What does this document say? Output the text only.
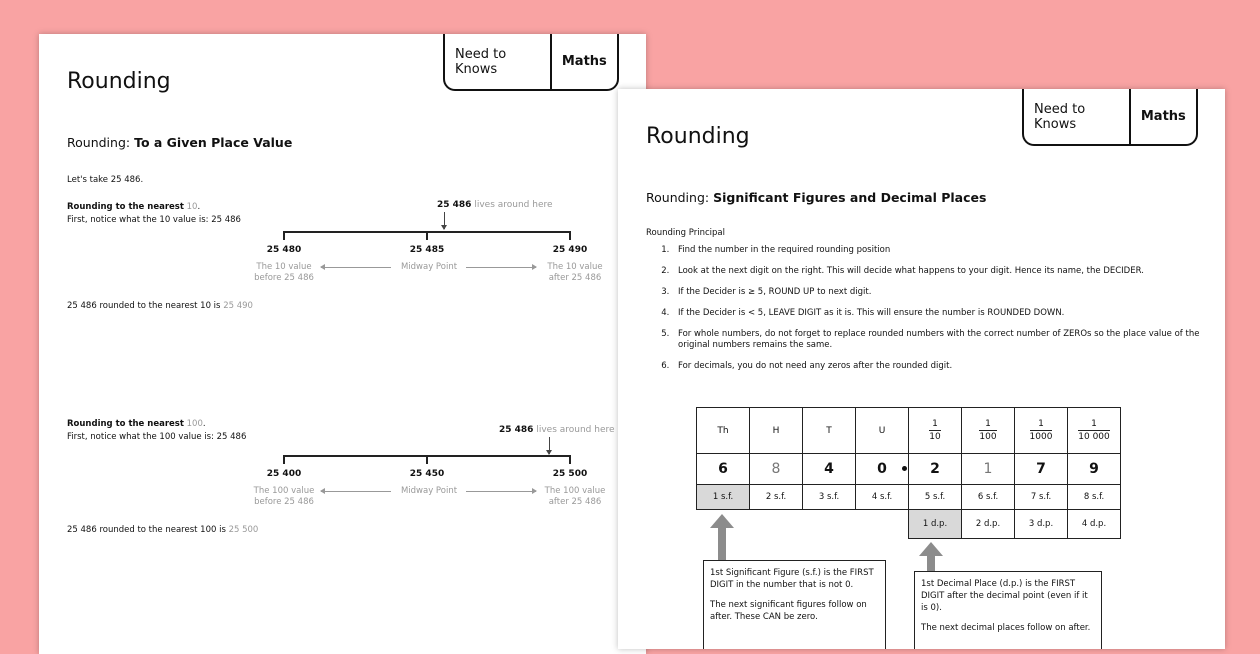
Need to Knows	Maths
Rounding
Rounding: To a Given Place Value
Let's take 25 486.
Rounding to the nearest 10.
First, notice what the 10 value is: 25 486
25 486 lives around here
25 480	25 485	25 490
The 10 value
before 25 486
Midway Point	The 10 value
after 25 486
25 486 rounded to the nearest 10 is 25 490
Rounding to the nearest 100.
First, notice what the 100 value is: 25 486
25 486 lives around here
25 400	25 450	25 500
The 100 value
before 25 486
Midway Point	The 100 value
after 25 486
25 486 rounded to the nearest 100 is 25 500
Need to Knows	Maths
Rounding
Rounding: Significant Figures and Decimal Places
Rounding Principal
1. Find the number in the required rounding position
2. Look at the next digit on the right. This will decide what happens to your digit. Hence its name, the DECIDER.
3. If the Decider is ≥ 5, ROUND UP to next digit.
4. If the Decider is < 5, LEAVE DIGIT as it is. This will ensure the number is ROUNDED DOWN.
5. For whole numbers, do not forget to replace rounded numbers with the correct number of ZEROs so the place value of the original numbers remains the same.
6. For decimals, you do not need any zeros after the rounded digit.
Th	H	T	U	$\frac{1}{10}$	$\frac{1}{100}$	$\frac{1}{1000}$	$\frac{1}{10 000}$

6	8	4	0	2	1	7	9
1 s.f.	2 s.f.	3 s.f.	4 s.f.	5 s.f.	6 s.f.	7 s.f.	8 s.f.
				1 d.p.	2 d.p.	3 d.p.	4 d.p.

1st Significant Figure (s.f.) is the FIRST DIGIT in the number that is not 0.

The next significant figures follow on after. These CAN be zero.

1st Decimal Place (d.p.) is the FIRST DIGIT after the decimal point (even if it is 0).

The next decimal places follow on after.
